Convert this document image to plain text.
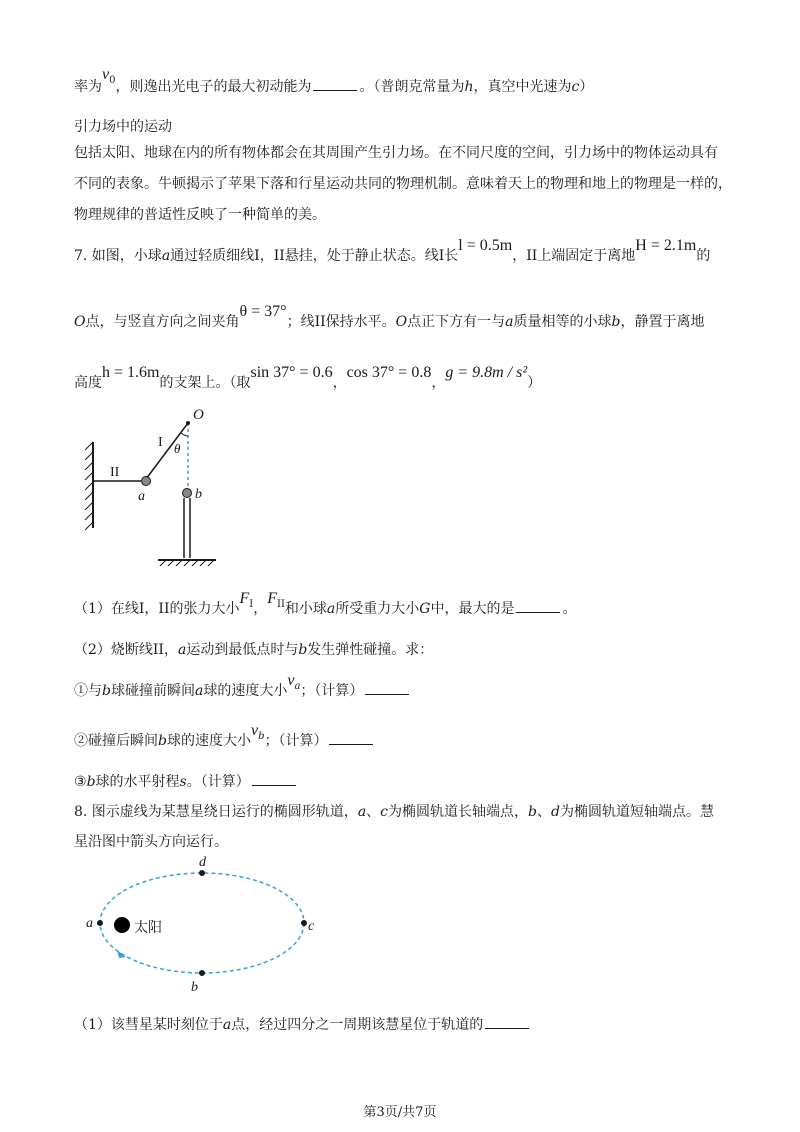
率为$v_0$，则逸出光电子的最大初动能为	。（普朗克常量为h，真空中光速为c）
引力场中的运动
包括太阳、地球在内的所有物体都会在其周围产生引力场。在不同尺度的空间，引力场中的物体运动具有
不同的表象。牛顿揭示了苹果下落和行星运动共同的物理机制。意味着天上的物理和地上的物理是一样的，
物理规律的普适性反映了一种简单的美。
7. 如图，小球a通过轻质细线I，II悬挂，处于静止状态。线I长l = 0.5m，II上端固定于离地H = 2.1m的
O点，与竖直方向之间夹角θ = 37°；线II保持水平。O点正下方有一与a质量相等的小球b，静置于离地
高度h = 1.6m的支架上。（取sin 37° = 0.6，cos 37° = 0.8，g = 9.8m / s²）
O
I θ
II
a	b
太阳
a	c
d
b
（1）在线I，II的张力大小$F_I$，$F_{II}$和小球a所受重力大小G中，最大的是	。
（2）烧断线II，a运动到最低点时与b发生弹性碰撞。求：
①与b球碰撞前瞬间a球的速度大小$v_a$；（计算）
②碰撞后瞬间b球的速度大小$v_b$；（计算）
③b球的水平射程s。（计算）
8. 图示虚线为某慧星绕日运行的椭圆形轨道，a、c为椭圆轨道长轴端点，b、d为椭圆轨道短轴端点。慧
星沿图中箭头方向运行。
（1）该彗星某时刻位于a点，经过四分之一周期该慧星位于轨道的
第3页/共7页
